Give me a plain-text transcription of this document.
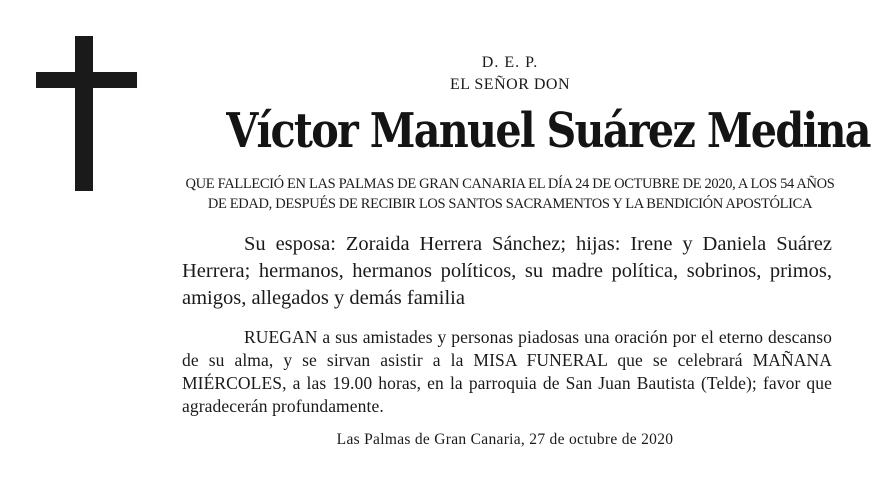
D. E. P.
EL SEÑOR DON
Víctor Manuel Suárez Medina
QUE FALLECIÓ EN LAS PALMAS DE GRAN CANARIA EL DÍA 24 DE OCTUBRE DE 2020, A LOS 54 AÑOS
DE EDAD, DESPUÉS DE RECIBIR LOS SANTOS SACRAMENTOS Y LA BENDICIÓN APOSTÓLICA
Su esposa: Zoraida Herrera Sánchez; hijas: Irene y Daniela Suárez Herrera; hermanos, hermanos políticos, su madre política, sobrinos, primos, amigos, allegados y demás familia
RUEGAN a sus amistades y personas piadosas una oración por el eterno descanso de su alma, y se sirvan asistir a la MISA FUNERAL que se celebrará MAÑANA MIÉRCOLES, a las 19.00 horas, en la parroquia de San Juan Bautista (Telde); favor que agradecerán profundamente.
Las Palmas de Gran Canaria, 27 de octubre de 2020
